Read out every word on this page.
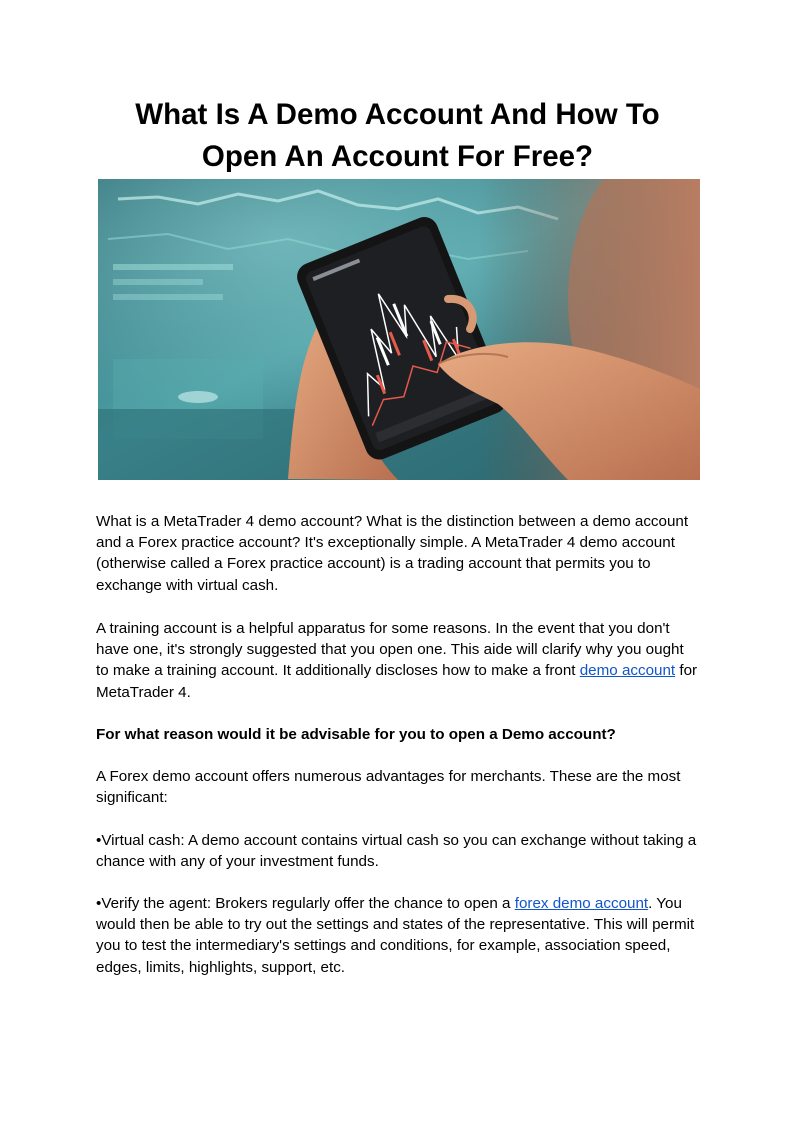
What Is A Demo Account And How To Open An Account For Free?

What is a MetaTrader 4 demo account? What is the distinction between a demo account and a Forex practice account? It's exceptionally simple. A MetaTrader 4 demo account (otherwise called a Forex practice account) is a trading account that permits you to exchange with virtual cash.

A training account is a helpful apparatus for some reasons. In the event that you don't have one, it's strongly suggested that you open one. This aide will clarify why you ought to make a training account. It additionally discloses how to make a front demo account for MetaTrader 4.

For what reason would it be advisable for you to open a Demo account?

A Forex demo account offers numerous advantages for merchants. These are the most significant:

•Virtual cash: A demo account contains virtual cash so you can exchange without taking a chance with any of your investment funds.

•Verify the agent: Brokers regularly offer the chance to open a forex demo account. You would then be able to try out the settings and states of the representative. This will permit you to test the intermediary's settings and conditions, for example, association speed, edges, limits, highlights, support, etc.
